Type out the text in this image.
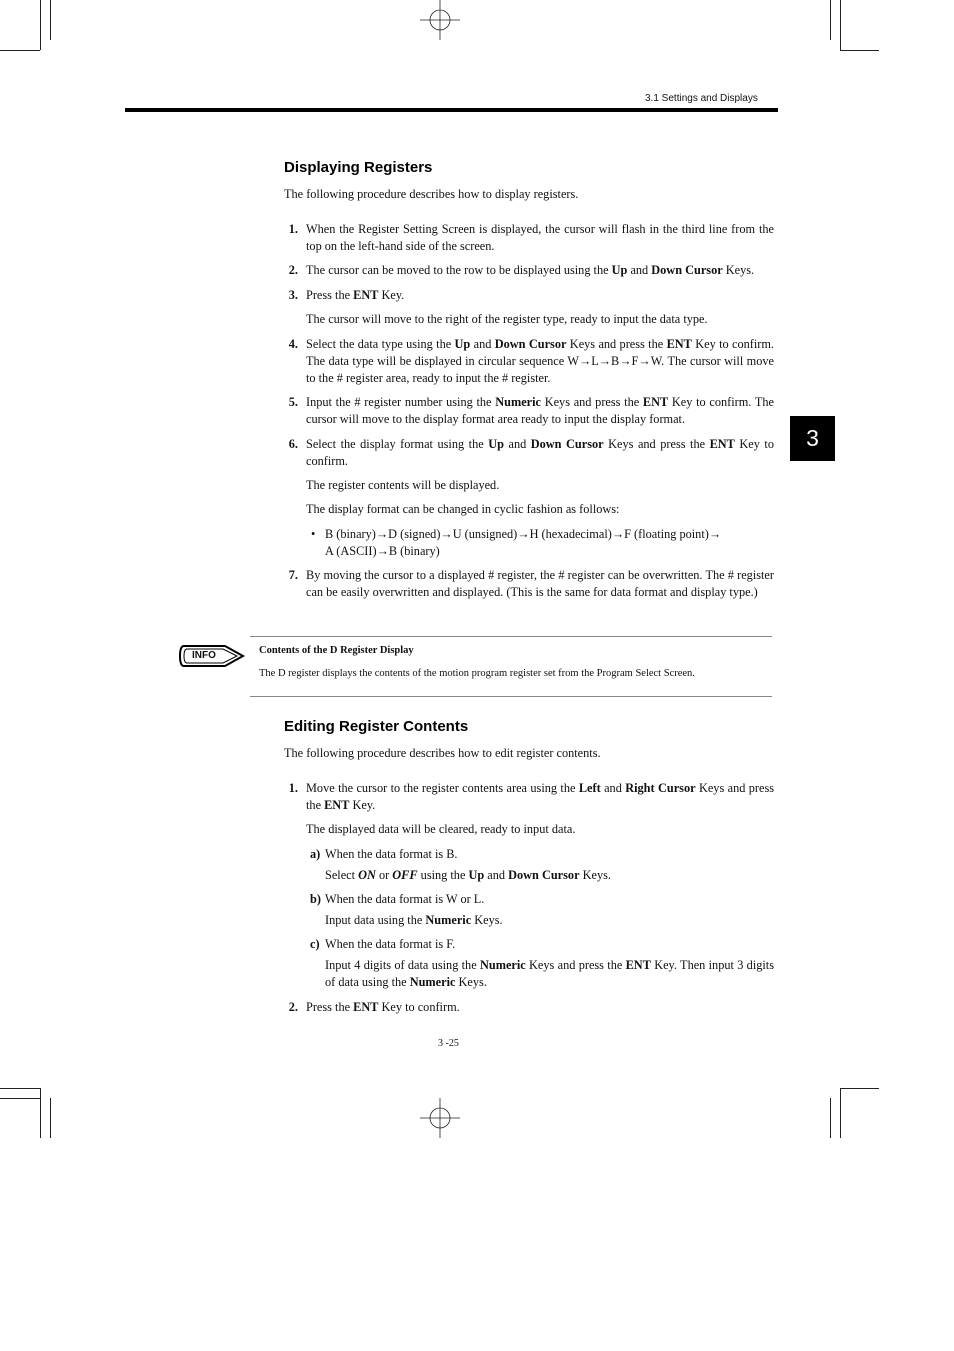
3.1 Settings and Displays
3
Displaying Registers
The following procedure describes how to display registers.
1. When the Register Setting Screen is displayed, the cursor will flash in the third line from the top on the left-hand side of the screen.
2. The cursor can be moved to the row to be displayed using the Up and Down Cursor Keys.
3. Press the ENT Key.
The cursor will move to the right of the register type, ready to input the data type.
4. Select the data type using the Up and Down Cursor Keys and press the ENT Key to confirm. The data type will be displayed in circular sequence W→L→B→F→W. The cursor will move to the # register area, ready to input the # register.
5. Input the # register number using the Numeric Keys and press the ENT Key to confirm. The cursor will move to the display format area ready to input the display format.
6. Select the display format using the Up and Down Cursor Keys and press the ENT Key to confirm.
The register contents will be displayed.
The display format can be changed in cyclic fashion as follows:
• B (binary)→D (signed)→U (unsigned)→H (hexadecimal)→F (floating point)→
A (ASCII)→B (binary)
7. By moving the cursor to a displayed # register, the # register can be overwritten. The # register can be easily overwritten and displayed. (This is the same for data format and display type.)
INFO	Contents of the D Register Display
The D register displays the contents of the motion program register set from the Program Select Screen.
Editing Register Contents
The following procedure describes how to edit register contents.
1. Move the cursor to the register contents area using the Left and Right Cursor Keys and press the ENT Key.
The displayed data will be cleared, ready to input data.
a) When the data format is B.
Select ON or OFF using the Up and Down Cursor Keys.
b) When the data format is W or L.
Input data using the Numeric Keys.
c) When the data format is F.
Input 4 digits of data using the Numeric Keys and press the ENT Key. Then input 3 digits of data using the Numeric Keys.
2. Press the ENT Key to confirm.
3 -25
